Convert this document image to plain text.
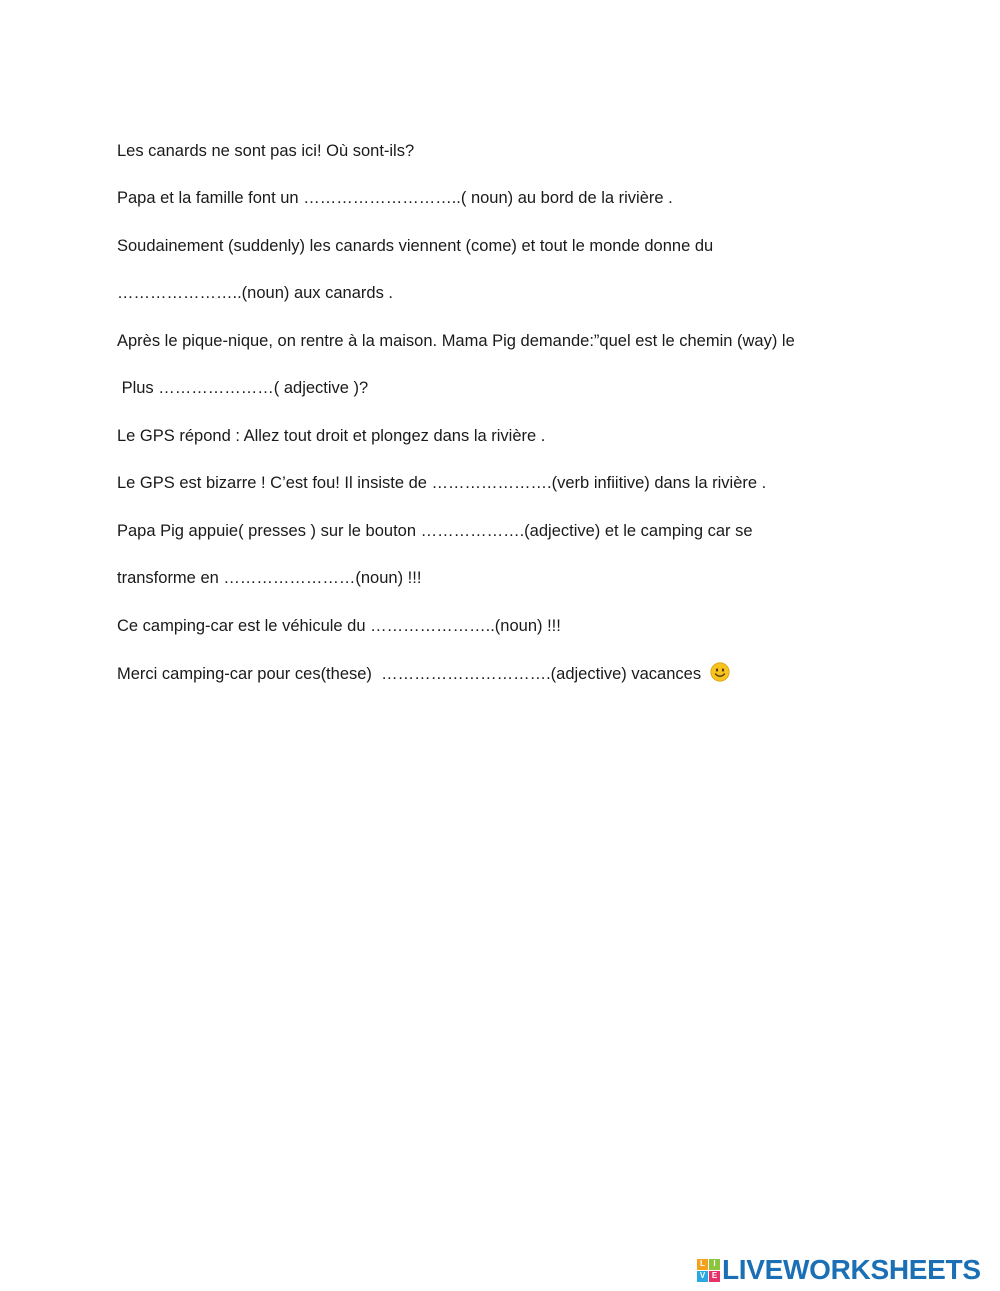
Les canards ne sont pas ici! Où sont-ils?
Papa et la famille font un ………………………..( noun) au bord de la rivière .
Soudainement (suddenly) les canards viennent (come) et tout le monde donne du
…………………..(noun) aux canards .
Après le pique-nique, on rentre à la maison. Mama Pig demande:”quel est le chemin (way) le
Plus …………………( adjective )?
Le GPS répond : Allez tout droit et plongez dans la rivière .
Le GPS est bizarre ! C’est fou! Il insiste de ………………….(verb infiitive) dans la rivière .
Papa Pig appuie( presses ) sur le bouton ……………….(adjective) et le camping car se
transforme en ……………………(noun) !!!
Ce camping-car est le véhicule du …………………..(noun) !!!
Merci camping-car pour ces(these)  ………………………….(adjective) vacances
L	I
V E LIVEWORKSHEETS
